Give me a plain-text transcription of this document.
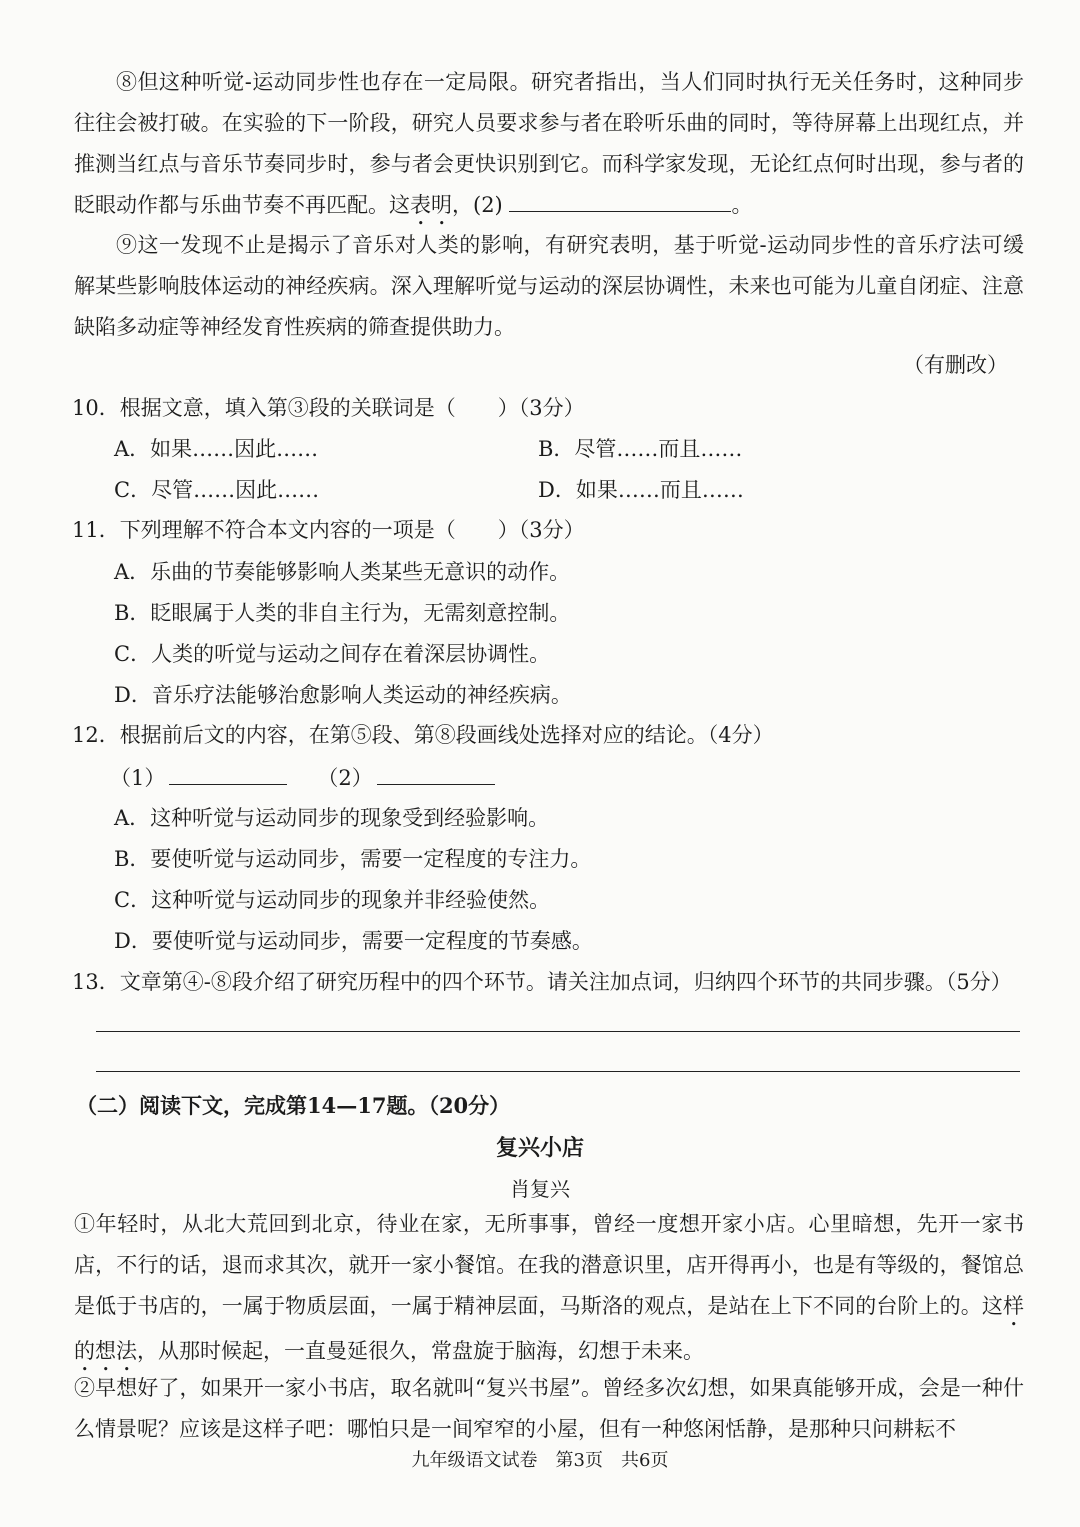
⑧但这种听觉-运动同步性也存在一定局限。研究者指出，当人们同时执行无关任务时，这种同步往往会被打破。在实验的下一阶段，研究人员要求参与者在聆听乐曲的同时，等待屏幕上出现红点，并推测当红点与音乐节奏同步时，参与者会更快识别到它。而科学家发现，无论红点何时出现，参与者的眨眼动作都与乐曲节奏不再匹配。这表明，(2)	。

⑨这一发现不止是揭示了音乐对人类的影响，有研究表明，基于听觉-运动同步性的音乐疗法可缓解某些影响肢体运动的神经疾病。深入理解听觉与运动的深层协调性，未来也可能为儿童自闭症、注意缺陷多动症等神经发育性疾病的筛查提供助力。

（有删改）

10．根据文意，填入第③段的关联词是（　　）（3分）

A．如果……因此……	B．尽管……而且……

C．尽管……因此……	D．如果……而且……

11．下列理解不符合本文内容的一项是（　　）（3分）

A．乐曲的节奏能够影响人类某些无意识的动作。

B．眨眼属于人类的非自主行为，无需刻意控制。

C．人类的听觉与运动之间存在着深层协调性。

D．音乐疗法能够治愈影响人类运动的神经疾病。

12．根据前后文的内容，在第⑤段、第⑧段画线处选择对应的结论。（4分）

（1）	（2）

A．这种听觉与运动同步的现象受到经验影响。

B．要使听觉与运动同步，需要一定程度的专注力。

C．这种听觉与运动同步的现象并非经验使然。

D．要使听觉与运动同步，需要一定程度的节奏感。

13．文章第④-⑧段介绍了研究历程中的四个环节。请关注加点词，归纳四个环节的共同步骤。（5分）

（二）阅读下文，完成第14—17题。（20分）

复兴小店
肖复兴

①年轻时，从北大荒回到北京，待业在家，无所事事，曾经一度想开家小店。心里暗想，先开一家书店，不行的话，退而求其次，就开一家小餐馆。在我的潜意识里，店开得再小，也是有等级的，餐馆总是低于书店的，一属于物质层面，一属于精神层面，马斯洛的观点，是站在上下不同的台阶上的。这样的想法，从那时候起，一直曼延很久，常盘旋于脑海，幻想于未来。

②早想好了，如果开一家小书店，取名就叫“复兴书屋”。曾经多次幻想，如果真能够开成，会是一种什么情景呢？应该是这样子吧：哪怕只是一间窄窄的小屋，但有一种悠闲恬静，是那种只问耕耘不

九年级语文试卷　第3页　共6页
